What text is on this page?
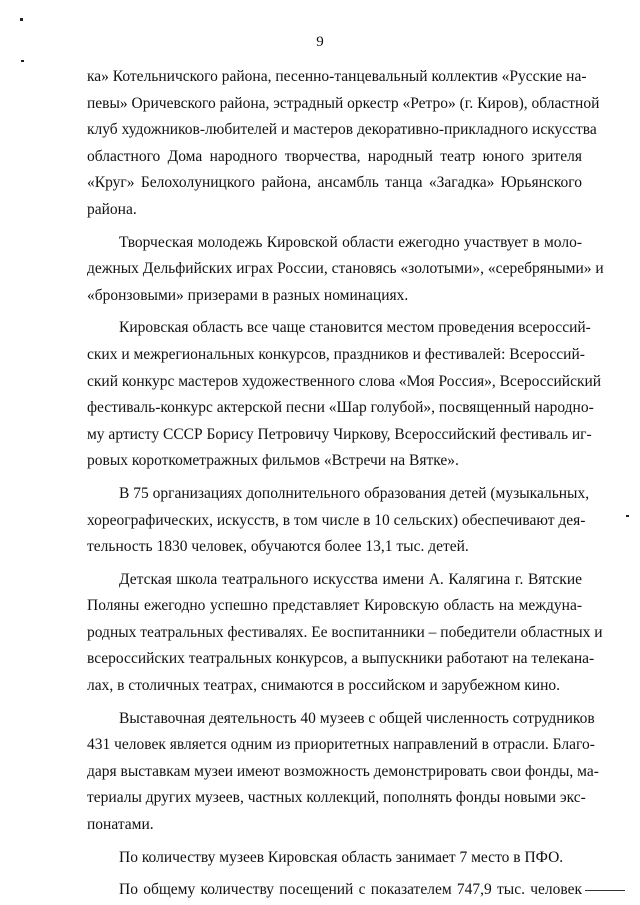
9

ка» Котельничского района, песенно-танцевальный коллектив «Русские на-
певы» Оричевского района, эстрадный оркестр «Ретро» (г. Киров), областной
клуб художников-любителей и мастеров декоративно-прикладного искусства
областного Дома народного творчества, народный театр юного зрителя
«Круг» Белохолуницкого района, ансамбль танца «Загадка» Юрьянского
района.

Творческая молодежь Кировской области ежегодно участвует в моло-
дежных Дельфийских играх России, становясь «золотыми», «серебряными» и
«бронзовыми» призерами в разных номинациях.

Кировская область все чаще становится местом проведения всероссий-
ских и межрегиональных конкурсов, праздников и фестивалей: Всероссий-
ский конкурс мастеров художественного слова «Моя Россия», Всероссийский
фестиваль-конкурс актерской песни «Шар голубой», посвященный народно-
му артисту СССР Борису Петровичу Чиркову, Всероссийский фестиваль иг-
ровых короткометражных фильмов «Встречи на Вятке».

В 75 организациях дополнительного образования детей (музыкальных,
хореографических, искусств, в том числе в 10 сельских) обеспечивают дея-
тельность 1830 человек, обучаются более 13,1 тыс. детей.

Детская школа театрального искусства имени А. Калягина г. Вятские
Поляны ежегодно успешно представляет Кировскую область на междуна-
родных театральных фестивалях. Ее воспитанники – победители областных и
всероссийских театральных конкурсов, а выпускники работают на телекана-
лах, в столичных театрах, снимаются в российском и зарубежном кино.

Выставочная деятельность 40 музеев с общей численность сотрудников
431 человек является одним из приоритетных направлений в отрасли. Благо-
даря выставкам музеи имеют возможность демонстрировать свои фонды, ма-
териалы других музеев, частных коллекций, пополнять фонды новыми экс-
понатами.

По количеству музеев Кировская область занимает 7 место в ПФО.

По общему количеству посещений с показателем 747,9 тыс. человек
